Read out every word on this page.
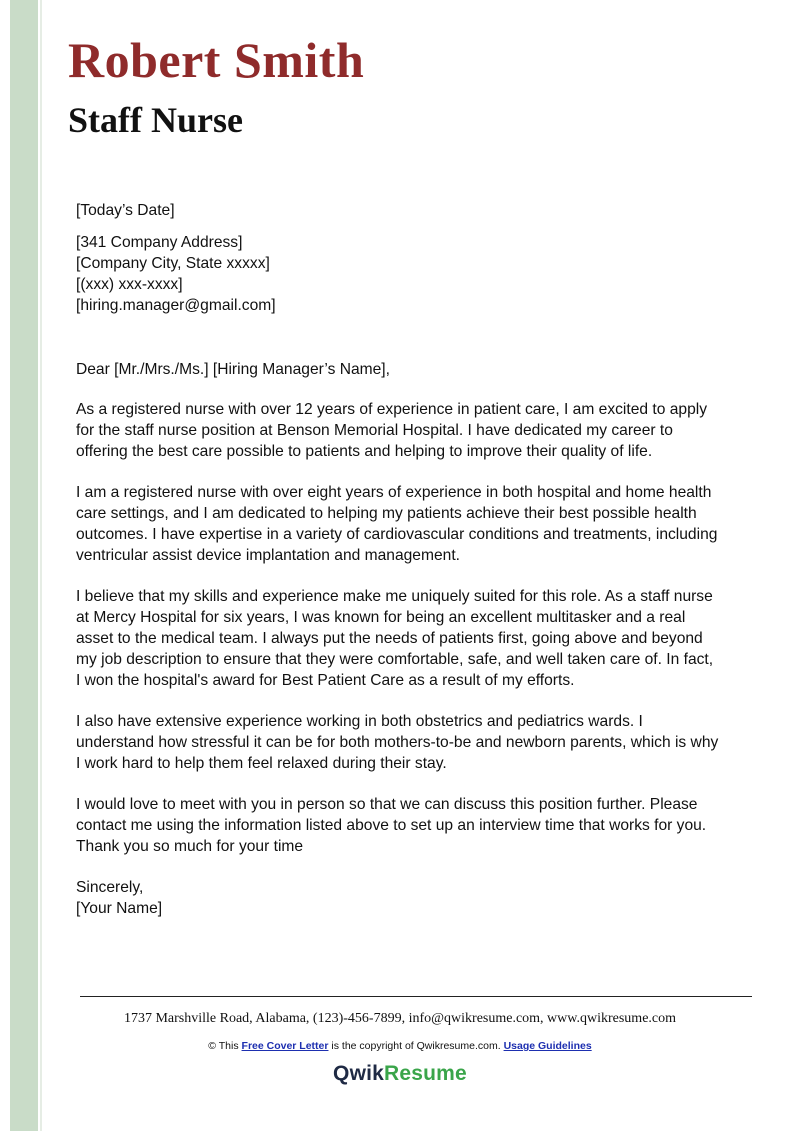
Robert Smith
Staff Nurse
[Today’s Date]
[341 Company Address]
[Company City, State xxxxx]
[(xxx) xxx-xxxx]
[hiring.manager@gmail.com]
Dear [Mr./Mrs./Ms.] [Hiring Manager’s Name],
As a registered nurse with over 12 years of experience in patient care, I am excited to apply
for the staff nurse position at Benson Memorial Hospital. I have dedicated my career to
offering the best care possible to patients and helping to improve their quality of life.
I am a registered nurse with over eight years of experience in both hospital and home health
care settings, and I am dedicated to helping my patients achieve their best possible health
outcomes. I have expertise in a variety of cardiovascular conditions and treatments, including
ventricular assist device implantation and management.
I believe that my skills and experience make me uniquely suited for this role. As a staff nurse
at Mercy Hospital for six years, I was known for being an excellent multitasker and a real
asset to the medical team. I always put the needs of patients first, going above and beyond
my job description to ensure that they were comfortable, safe, and well taken care of. In fact,
I won the hospital's award for Best Patient Care as a result of my efforts.
I also have extensive experience working in both obstetrics and pediatrics wards. I
understand how stressful it can be for both mothers-to-be and newborn parents, which is why
I work hard to help them feel relaxed during their stay.
I would love to meet with you in person so that we can discuss this position further. Please
contact me using the information listed above to set up an interview time that works for you.
Thank you so much for your time
Sincerely,
[Your Name]
1737 Marshville Road, Alabama, (123)-456-7899, info@qwikresume.com, www.qwikresume.com
© This Free Cover Letter is the copyright of Qwikresume.com. Usage Guidelines
QwikResume
